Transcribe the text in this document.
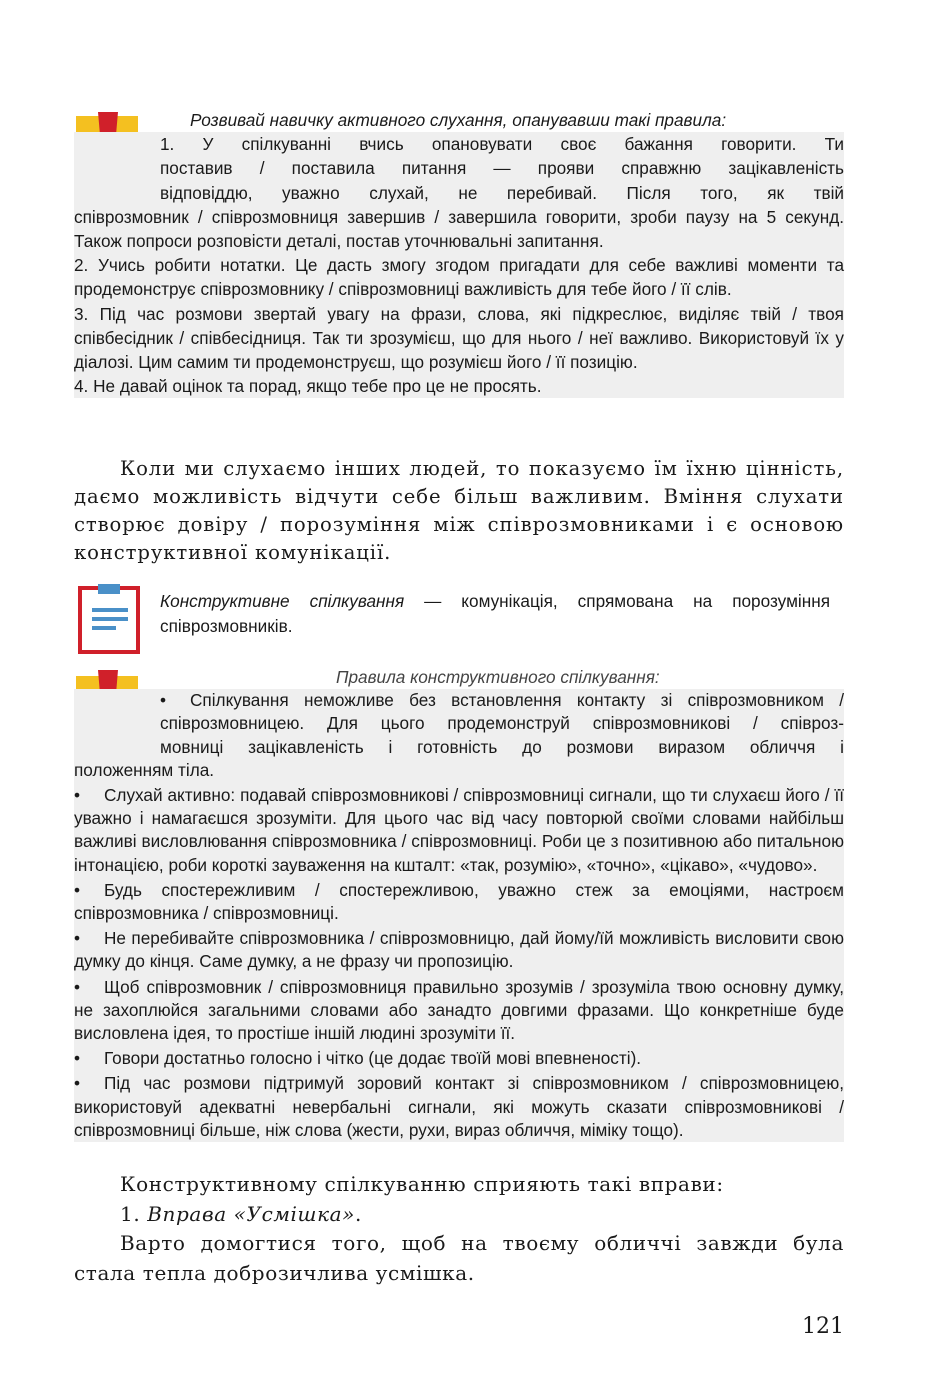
Розвивай навичку активного слухання, опанувавши такі правила:
1. У спілкуванні вчись опановувати своє бажання говорити. Ти
поставив / поставила питання — прояви справжню зацікавленість
відповіддю, уважно слухай, не перебивай. Після того, як твій

співрозмовник / співрозмовниця завершив / завершила говорити, зроби паузу на 5 секунд. Також попроси розповісти деталі, постав уточнювальні запитання.

2. Учись робити нотатки. Це дасть змогу згодом пригадати для себе важливі моменти та продемонструє співрозмовнику / співрозмовниці важливість для тебе його / її слів.

3. Під час розмови звертай увагу на фрази, слова, які підкреслює, виділяє твій / твоя співбесідник / співбесідниця. Так ти зрозумієш, що для нього / неї важливо. Використовуй їх у діалозі. Цим самим ти продемонструєш, що розумієш його / її позицію.

4. Не давай оцінок та порад, якщо тебе про це не просять.

Коли ми слухаємо інших людей, то показуємо їм їхню цінність, даємо можливість відчути себе більш важливим. Вміння слухати створює довіру / порозуміння між співрозмовниками і є основою конструктивної комунікації.
Конструктивне спілкування — комунікація, спрямована на порозуміння співрозмовників.
Правила конструктивного спілкування:
• Спілкування неможливе без встановлення контакту зі співрозмовником /
співрозмовницею. Для цього продемонструй співрозмовникові / співроз-
мовниці зацікавленість і готовність до розмови виразом обличчя і
положенням тіла.
• Слухай активно: подавай співрозмовникові / співрозмовниці сигнали, що ти слухаєш його / її уважно і намагаєшся зрозуміти. Для цього час від часу повторюй своїми словами найбільш важливі висловлювання співрозмовника / співрозмовниці. Роби це з позитивною або питальною інтонацією, роби короткі зауваження на кшталт: «так, розумію», «точно», «цікаво», «чудово».
• Будь спостережливим / спостережливою, уважно стеж за емоціями, настроєм співрозмовника / співрозмовниці.
• Не перебивайте співрозмовника / співрозмовницю, дай йому/їй можливість висловити свою думку до кінця. Саме думку, а не фразу чи пропозицію.
• Щоб співрозмовник / співрозмовниця правильно зрозумів / зрозуміла твою основну думку, не захоплюйся загальними словами або занадто довгими фразами. Що конкретніше буде висловлена ідея, то простіше іншій людині зрозуміти її.
• Говори достатньо голосно і чітко (це додає твоїй мові впевненості).
• Під час розмови підтримуй зоровий контакт зі співрозмовником / співрозмовницею, використовуй адекватні невербальні сигнали, які можуть сказати співрозмовникові / співрозмовниці більше, ніж слова (жести, рухи, вираз обличчя, міміку тощо).
Конструктивному спілкуванню сприяють такі вправи:
1. Вправа «Усмішка».
Варто домогтися того, щоб на твоєму обличчі завжди була стала тепла доброзичлива усмішка.
121
